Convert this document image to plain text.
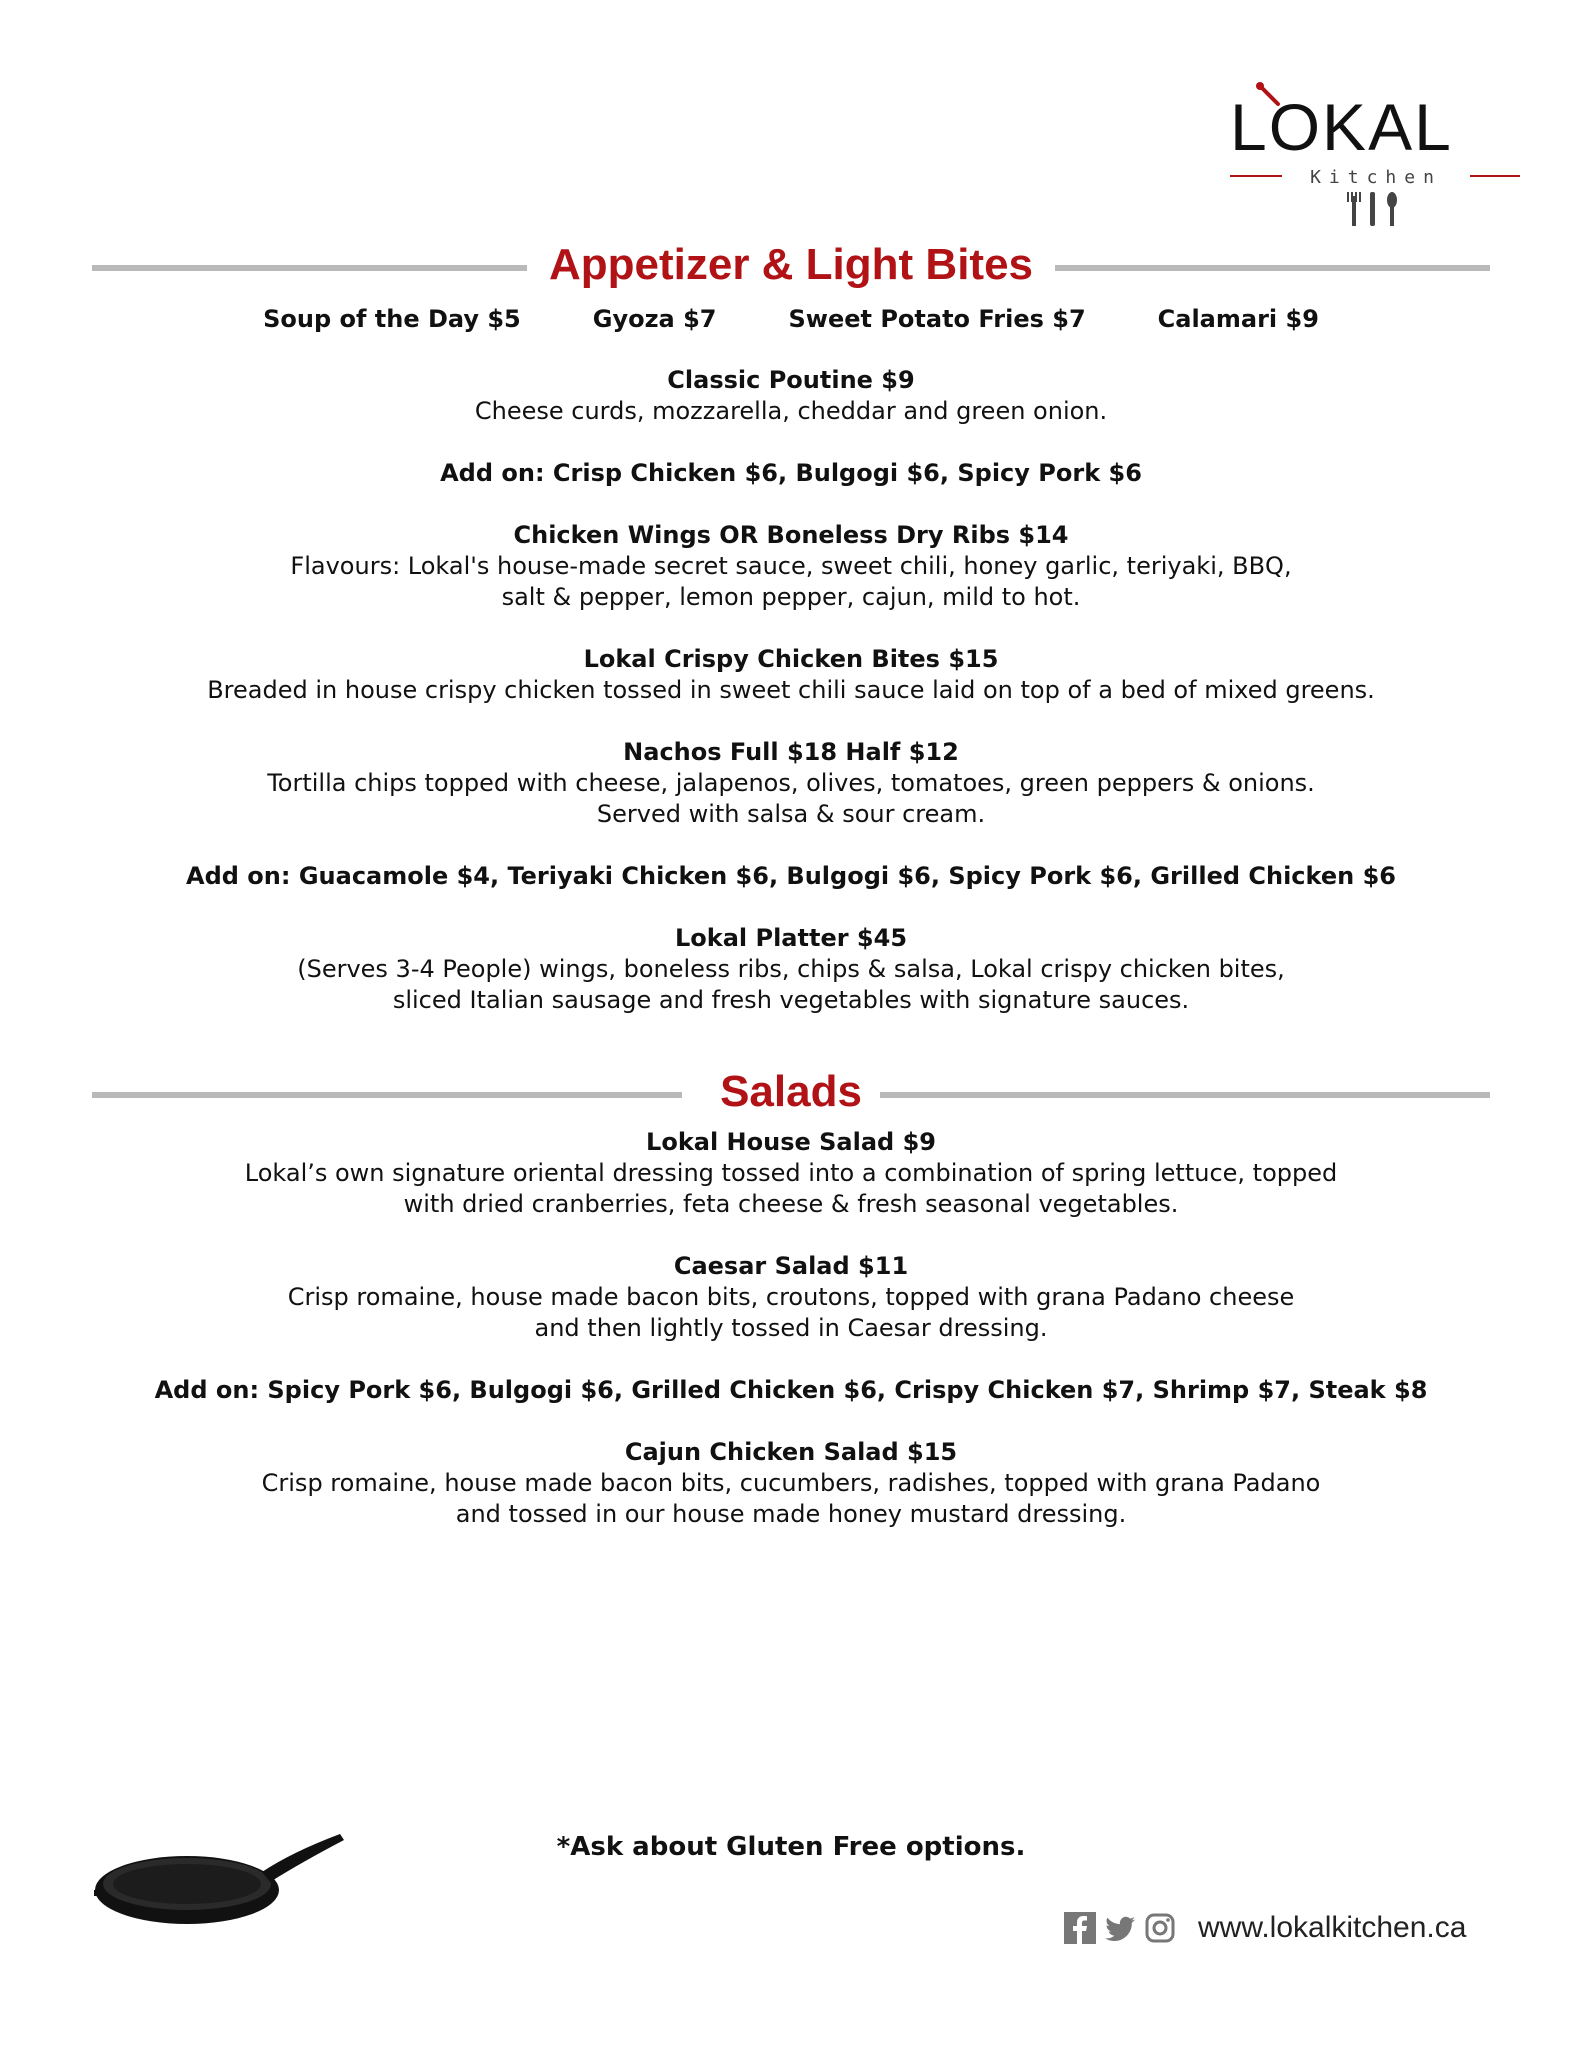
LOKAL
Kitchen
Appetizer & Light Bites
Soup of the Day $5	Gyoza $7	Sweet Potato Fries $7	Calamari $9
Classic Poutine $9
Cheese curds, mozzarella, cheddar and green onion.
Add on: Crisp Chicken $6, Bulgogi $6, Spicy Pork $6
Chicken Wings OR Boneless Dry Ribs $14
Flavours: Lokal's house-made secret sauce, sweet chili, honey garlic, teriyaki, BBQ,
salt & pepper, lemon pepper, cajun, mild to hot.
Lokal Crispy Chicken Bites $15
Breaded in house crispy chicken tossed in sweet chili sauce laid on top of a bed of mixed greens.
Nachos Full $18 Half $12
Tortilla chips topped with cheese, jalapenos, olives, tomatoes, green peppers & onions.
Served with salsa & sour cream.
Add on: Guacamole $4, Teriyaki Chicken $6, Bulgogi $6, Spicy Pork $6, Grilled Chicken $6
Lokal Platter $45
(Serves 3-4 People) wings, boneless ribs, chips & salsa, Lokal crispy chicken bites,
sliced Italian sausage and fresh vegetables with signature sauces.
Salads
Lokal House Salad $9
Lokal’s own signature oriental dressing tossed into a combination of spring lettuce, topped
with dried cranberries, feta cheese & fresh seasonal vegetables.
Caesar Salad $11
Crisp romaine, house made bacon bits, croutons, topped with grana Padano cheese
and then lightly tossed in Caesar dressing.
Add on: Spicy Pork $6, Bulgogi $6, Grilled Chicken $6, Crispy Chicken $7, Shrimp $7, Steak $8
Cajun Chicken Salad $15
Crisp romaine, house made bacon bits, cucumbers, radishes, topped with grana Padano
and tossed in our house made honey mustard dressing.
*Ask about Gluten Free options.
www.lokalkitchen.ca
